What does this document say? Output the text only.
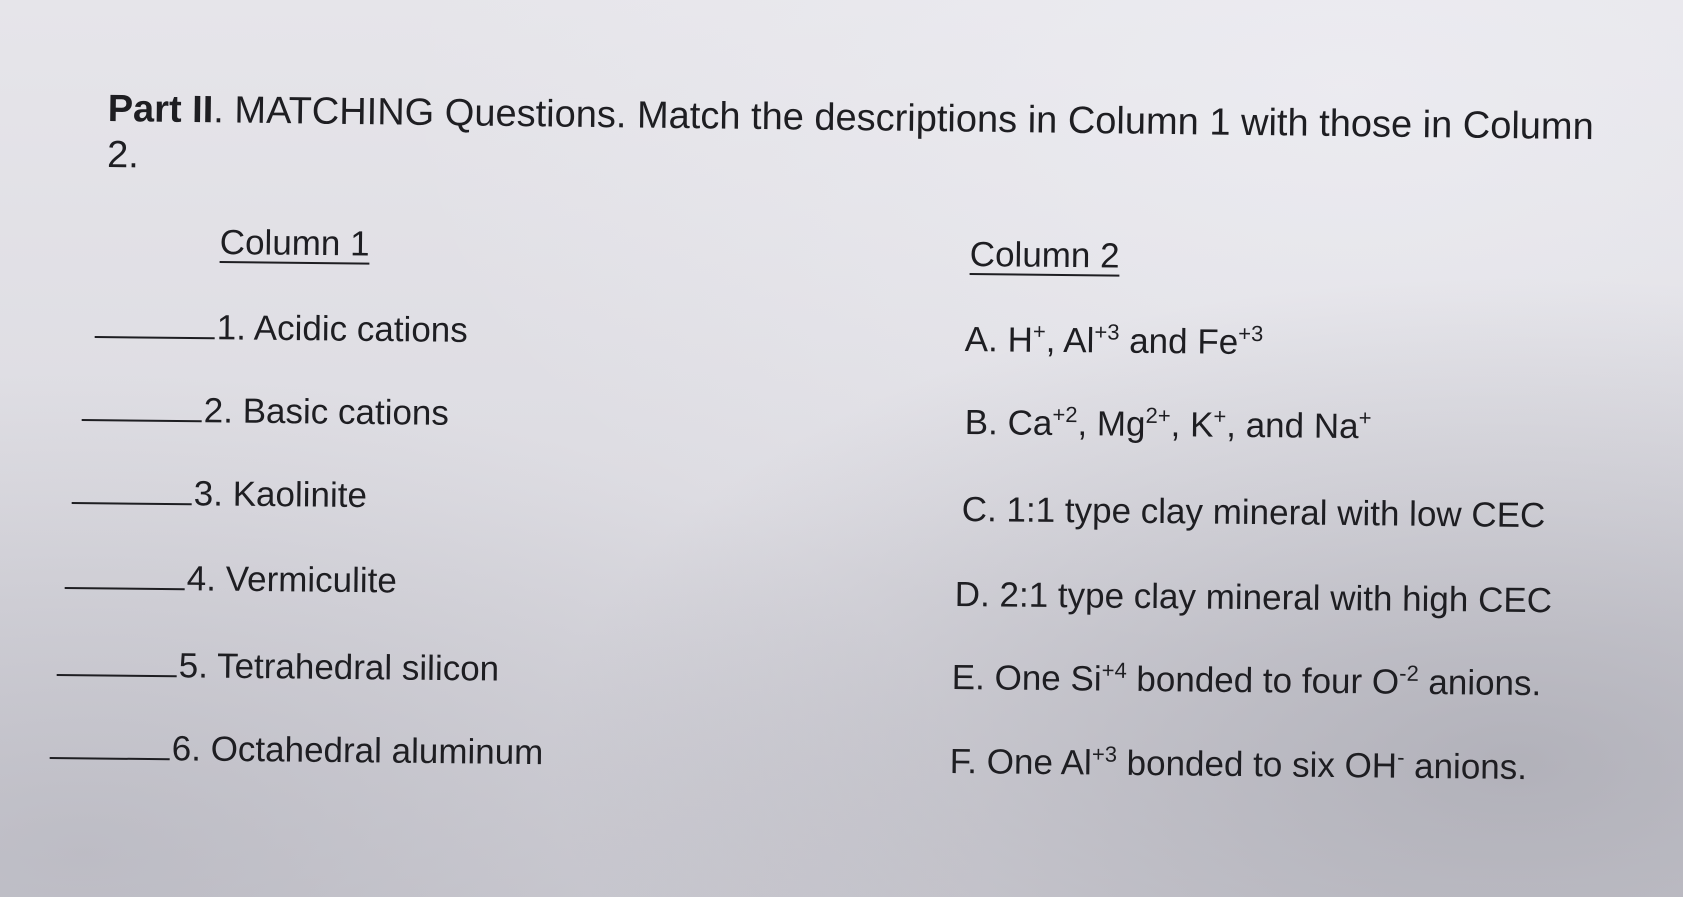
Part II. MATCHING Questions. Match the descriptions in Column 1 with those in Column 2.
Column 1	Column 2
1. Acidic cations
2. Basic cations
3. Kaolinite
4. Vermiculite
5. Tetrahedral silicon
6. Octahedral aluminum
A. H+, $Al^{+3}$ and $Fe^{+3}$
B. $Ca^{+2}$, $Mg^{2+}$, K+, and Na+
C. 1:1 type clay mineral with low CEC
D. 2:1 type clay mineral with high CEC
E. One $Si^{+4}$ bonded to four $O^{-2}$ anions.
F. One $Al^{+3}$ bonded to six OH- anions.
